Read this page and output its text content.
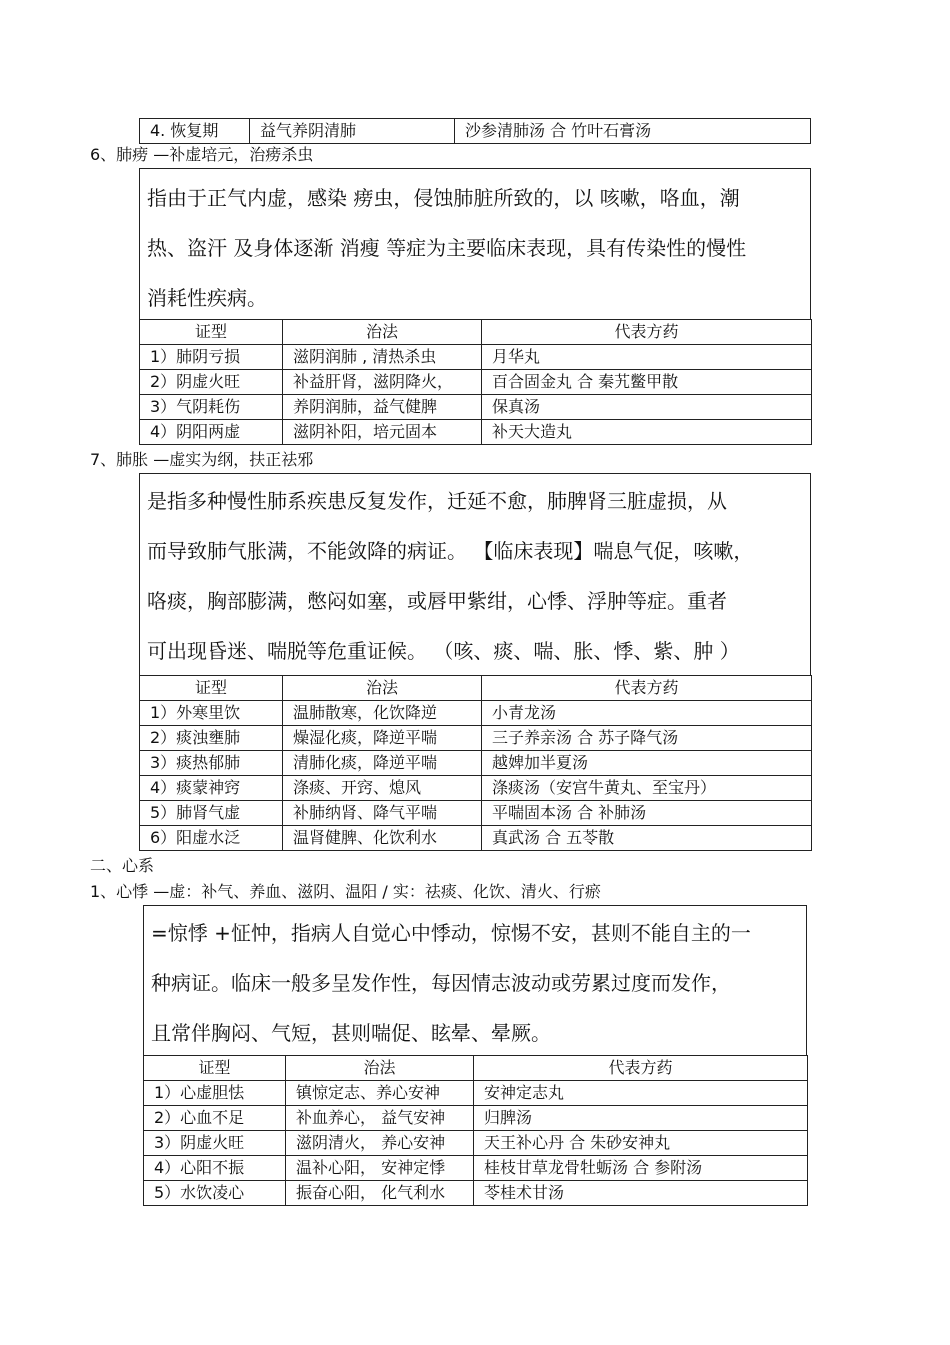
4. 恢复期	益气养阴清肺	沙参清肺汤 合 竹叶石膏汤
6、肺痨 —补虚培元，治痨杀虫

指由于正气内虚，感染 痨虫，侵蚀肺脏所致的，以 咳嗽，咯血，潮

热、盗汗 及身体逐渐 消瘦 等症为主要临床表现，具有传染性的慢性

消耗性疾病。

证型	治法	代表方药
1）肺阴亏损	滋阴润肺 , 清热杀虫	月华丸
2）阴虚火旺	补益肝肾，滋阴降火，	百合固金丸 合 秦艽鳖甲散
3）气阴耗伤	养阴润肺，益气健脾	保真汤
4）阴阳两虚	滋阴补阳，培元固本	补天大造丸
7、肺胀 —虚实为纲，扶正祛邪

是指多种慢性肺系疾患反复发作，迁延不愈，肺脾肾三脏虚损，从

而导致肺气胀满，不能敛降的病证。 【临床表现】喘息气促，咳嗽，

咯痰，胸部膨满，憋闷如塞，或唇甲紫绀，心悸、浮肿等症。重者

可出现昏迷、喘脱等危重证候。 （咳、痰、喘、胀、悸、紫、肿 ）

证型	治法	代表方药
1）外寒里饮	温肺散寒，化饮降逆	小青龙汤
2）痰浊壅肺	燥湿化痰，降逆平喘	三子养亲汤 合 苏子降气汤
3）痰热郁肺	清肺化痰，降逆平喘	越婢加半夏汤
4）痰蒙神窍	涤痰、开窍、熄风	涤痰汤（安宫牛黄丸、至宝丹）
5）肺肾气虚	补肺纳肾、降气平喘	平喘固本汤 合 补肺汤
6）阳虚水泛	温肾健脾、化饮利水	真武汤 合 五苓散
二、心系
1、心悸 —虚：补气、养血、滋阴、温阳 / 实：祛痰、化饮、清火、行瘀

=惊悸 +怔忡，指病人自觉心中悸动，惊惕不安，甚则不能自主的一

种病证。临床一般多呈发作性，每因情志波动或劳累过度而发作，

且常伴胸闷、气短，甚则喘促、眩晕、晕厥。

证型	治法	代表方药
1）心虚胆怯	镇惊定志、养心安神	安神定志丸
2）心血不足	补血养心， 益气安神	归脾汤
3）阴虚火旺	滋阴清火， 养心安神	天王补心丹 合 朱砂安神丸
4）心阳不振	温补心阳， 安神定悸	桂枝甘草龙骨牡蛎汤 合 参附汤
5）水饮凌心	振奋心阳， 化气利水	苓桂术甘汤
